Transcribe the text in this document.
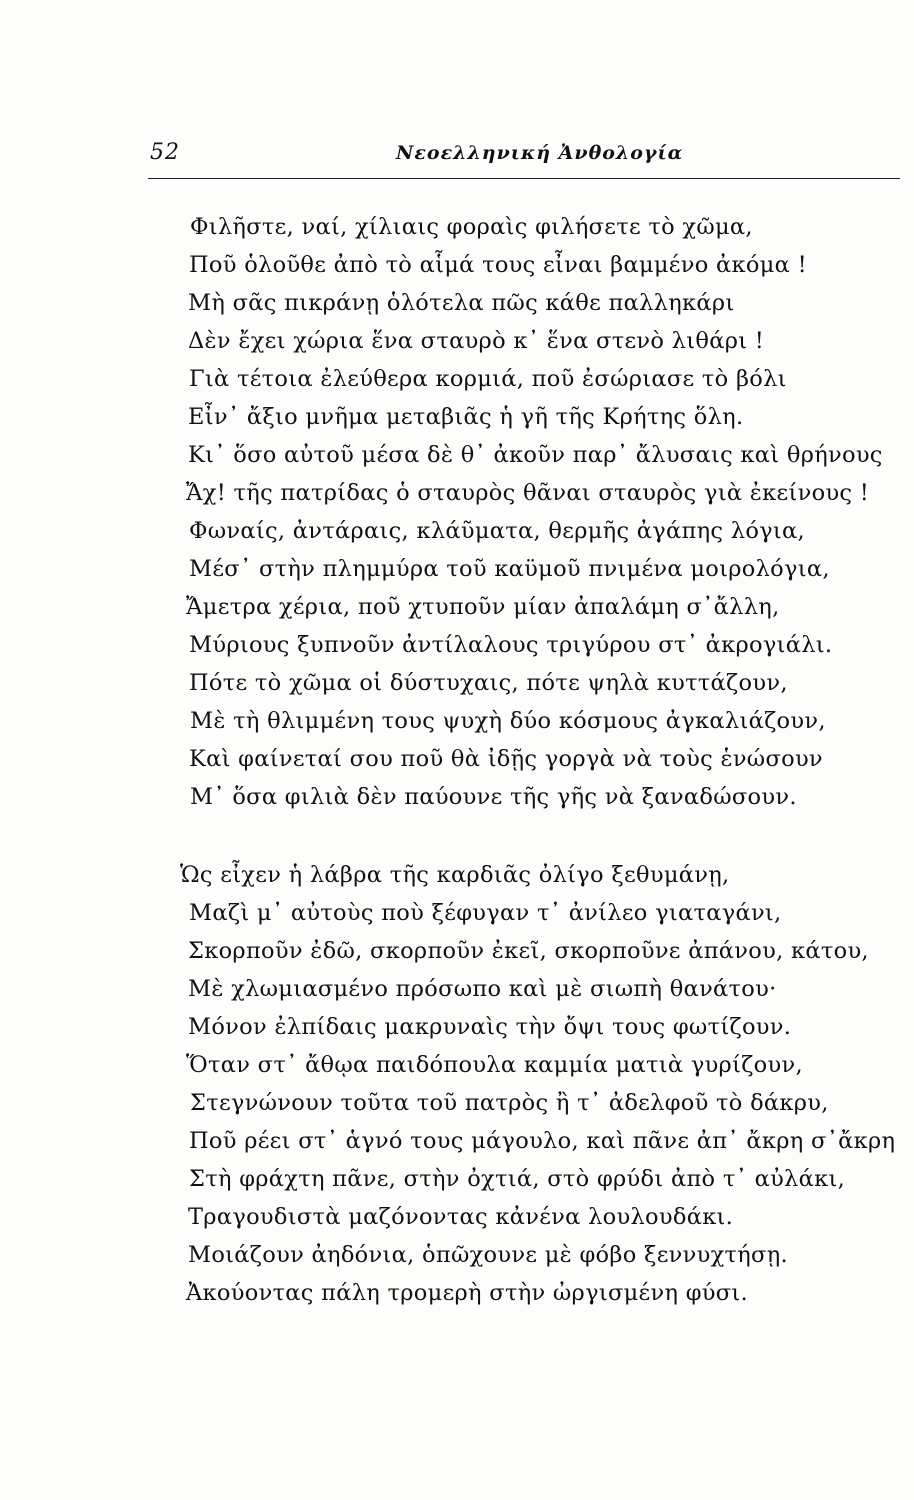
52	Νεοελληνική Ἀνθολογία
Φιλῆστε, ναί, χίλιαις φοραὶς φιλήσετε τὸ χῶμα,
Ποῦ ὁλοῦθε ἀπὸ τὸ αἷμά τους εἶναι βαμμένο ἀκόμα !
Μὴ σᾶς πικράνῃ ὁλότελα πῶς κάθε παλληκάρι
Δὲν ἔχει χώρια ἕνα σταυρὸ κ᾽ ἕνα στενὸ λιθάρι !
Γιὰ τέτοια ἐλεύθερα κορμιά, ποῦ ἐσώριασε τὸ βόλι
Εἶν᾽ ἄξιο μνῆμα μεταβιᾶς ἡ γῆ τῆς Κρήτης ὅλη.
Κι᾽ ὅσο αὐτοῦ μέσα δὲ θ᾽ ἀκοῦν παρ᾽ ἄλυσαις καὶ θρήνους
Ἄχ! τῆς πατρίδας ὁ σταυρὸς θᾶναι σταυρὸς γιὰ ἐκείνους !
Φωναίς, ἀντάραις, κλάῦματα, θερμῆς ἀγάπης λόγια,
Μέσ᾽ στὴν πλημμύρα τοῦ καϋμοῦ πνιμένα μοιρολόγια,
Ἄμετρα χέρια, ποῦ χτυποῦν μίαν ἀπαλάμη σ᾽ἄλλη,
Μύριους ξυπνοῦν ἀντίλαλους τριγύρου στ᾽ ἀκρογιάλι.
Πότε τὸ χῶμα οἱ δύστυχαις, πότε ψηλὰ κυττάζουν,
Μὲ τὴ θλιμμένη τους ψυχὴ δύο κόσμους ἀγκαλιάζουν,
Καὶ φαίνεταί σου ποῦ θὰ ἰδῇς γοργὰ νὰ τοὺς ἑνώσουν
Μ᾽ ὅσα φιλιὰ δὲν παύουνε τῆς γῆς νὰ ξαναδώσουν.
Ὡς εἶχεν ἡ λάβρα τῆς καρδιᾶς ὀλίγο ξεθυμάνῃ,
Μαζὶ μ᾽ αὐτοὺς ποὺ ξέφυγαν τ᾽ ἀνίλεο γιαταγάνι,
Σκορποῦν ἐδῶ, σκορποῦν ἐκεῖ, σκορποῦνε ἀπάνου, κάτου,
Μὲ χλωμιασμένο πρόσωπο καὶ μὲ σιωπὴ θανάτου·
Μόνον ἐλπίδαις μακρυναὶς τὴν ὄψι τους φωτίζουν.
Ὅταν στ᾽ ἄθῳα παιδόπουλα καμμία ματιὰ γυρίζουν,
Στεγνώνουν τοῦτα τοῦ πατρὸς ἢ τ᾽ ἀδελφοῦ τὸ δάκρυ,
Ποῦ ρέει στ᾽ ἁγνό τους μάγουλο, καὶ πᾶνε ἀπ᾽ ἄκρη σ᾽ἄκρη
Στὴ φράχτη πᾶνε, στὴν ὀχτιά, στὸ φρύδι ἀπὸ τ᾽ αὐλάκι,
Τραγουδιστὰ μαζόνοντας κἀνένα λουλουδάκι.
Μοιάζουν ἀηδόνια, ὁπῶχουνε μὲ φόβο ξεννυχτήσῃ.
Ἀκούοντας πάλη τρομερὴ στὴν ὠργισμένη φύσι.
